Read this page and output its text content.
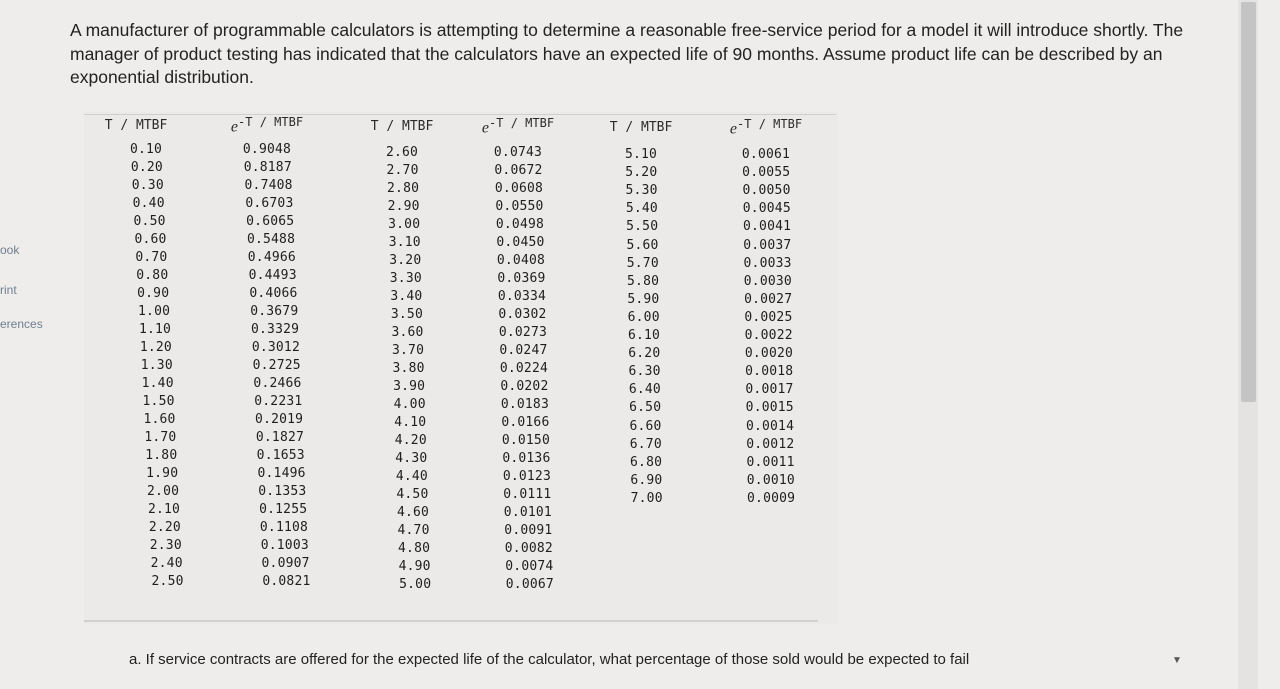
ook
rint
erences
A manufacturer of programmable calculators is attempting to determine a reasonable free-service period for a model it will introduce shortly. The manager of product testing has indicated that the calculators have an expected life of 90 months. Assume product life can be described by an exponential distribution.
T / MTBF	$e^{-T / MTBF}$
0.10	0.9048
0.20	0.8187
0.30	0.7408
0.40	0.6703
0.50	0.6065
0.60	0.5488
0.70	0.4966
0.80	0.4493
0.90	0.4066
1.00	0.3679
1.10	0.3329
1.20	0.3012
1.30	0.2725
1.40	0.2466
1.50	0.2231
1.60	0.2019
1.70	0.1827
1.80	0.1653
1.90	0.1496
2.00	0.1353
2.10	0.1255
2.20	0.1108
2.30	0.1003
2.40	0.0907
2.50	0.0821
T / MTBF	$e^{-T / MTBF}$
2.60	0.0743
2.70	0.0672
2.80	0.0608
2.90	0.0550
3.00	0.0498
3.10	0.0450
3.20	0.0408
3.30	0.0369
3.40	0.0334
3.50	0.0302
3.60	0.0273
3.70	0.0247
3.80	0.0224
3.90	0.0202
4.00	0.0183
4.10	0.0166
4.20	0.0150
4.30	0.0136
4.40	0.0123
4.50	0.0111
4.60	0.0101
4.70	0.0091
4.80	0.0082
4.90	0.0074
5.00	0.0067
T / MTBF	$e^{-T / MTBF}$
5.10	0.0061
5.20	0.0055
5.30	0.0050
5.40	0.0045
5.50	0.0041
5.60	0.0037
5.70	0.0033
5.80	0.0030
5.90	0.0027
6.00	0.0025
6.10	0.0022
6.20	0.0020
6.30	0.0018
6.40	0.0017
6.50	0.0015
6.60	0.0014
6.70	0.0012
6.80	0.0011
6.90	0.0010
7.00	0.0009
a. If service contracts are offered for the expected life of the calculator, what percentage of those sold would be expected to fail	▼
